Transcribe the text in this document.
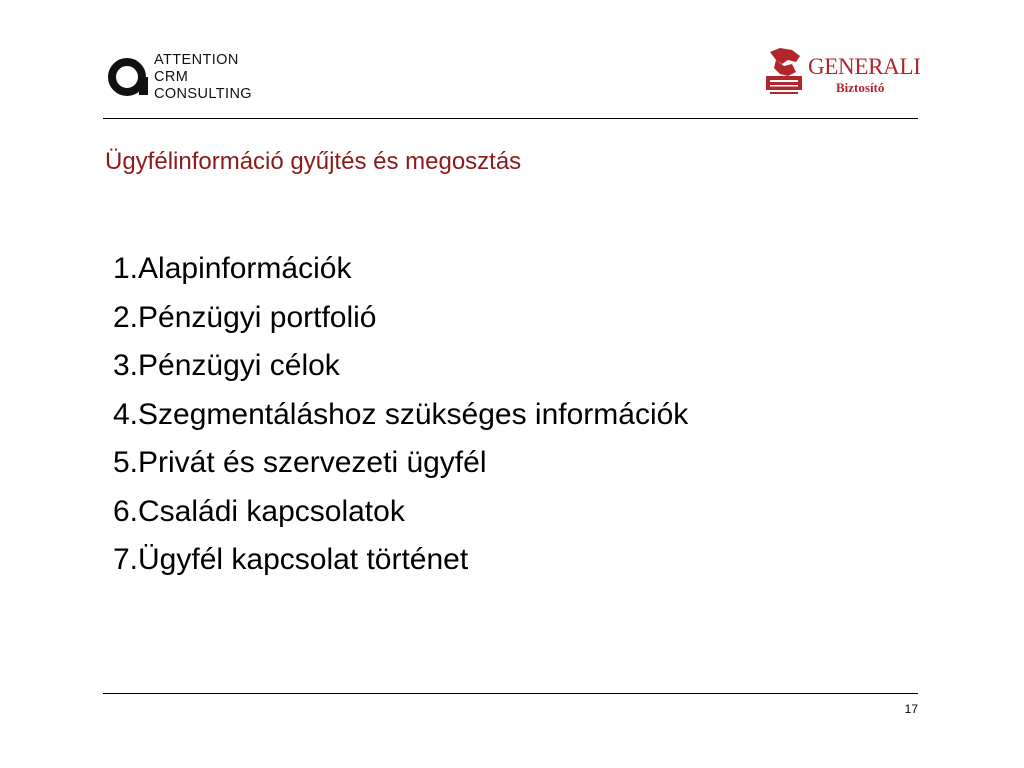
ATTENTION
CRM
CONSULTING
GENERALI
Biztosító
Ügyfélinformáció gyűjtés és megosztás
1.Alapinformációk
2.Pénzügyi portfolió
3.Pénzügyi célok
4.Szegmentáláshoz szükséges információk
5.Privát és szervezeti ügyfél
6.Családi kapcsolatok
7.Ügyfél kapcsolat történet
17
